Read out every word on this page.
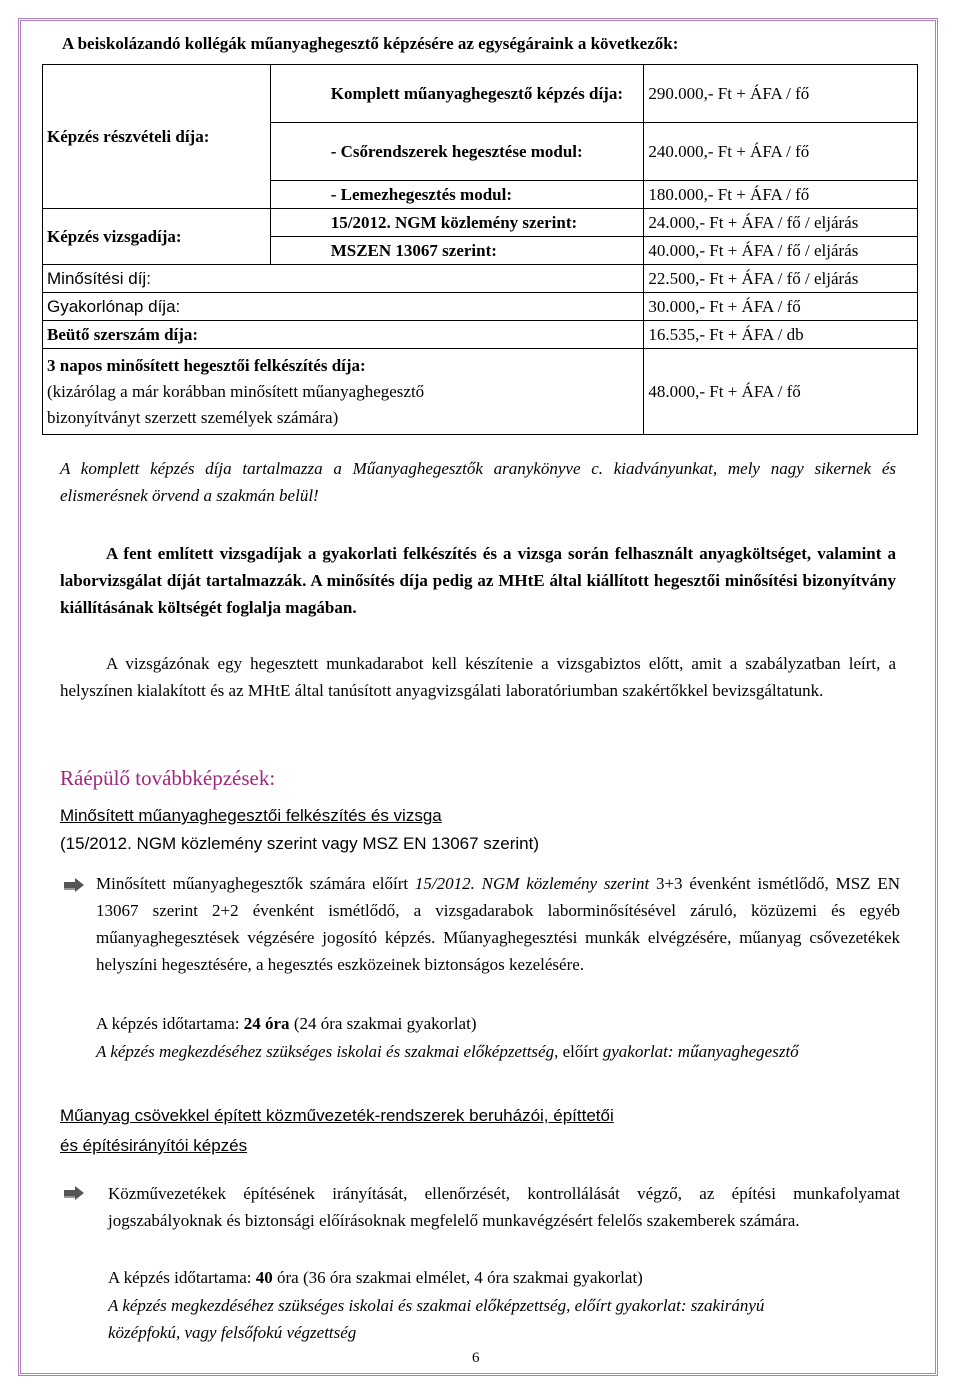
A beiskolázandó kollégák műanyaghegesztő képzésére az egységáraink a következők:
Képzés részvételi díja:	Komplett műanyaghegesztő képzés díja:	290.000,- Ft + ÁFA / fő
	- Csőrendszerek hegesztése modul:	240.000,- Ft + ÁFA / fő
	- Lemezhegesztés modul:	180.000,- Ft + ÁFA / fő
Képzés vizsgadíja:	15/2012. NGM közlemény szerint:	24.000,- Ft + ÁFA / fő / eljárás
	MSZEN 13067 szerint:	40.000,- Ft + ÁFA / fő / eljárás
Minősítési díj:		22.500,- Ft + ÁFA / fő / eljárás
Gyakorlónap díja:		30.000,- Ft + ÁFA / fő
Beütő szerszám díja:		16.535,- Ft + ÁFA / db

3 napos minősített hegesztői felkészítés díja:
(kizárólag a már korábban minősített műanyaghegesztő
bizonyítványt szerzett személyek számára)		48.000,- Ft + ÁFA / fő
A komplett képzés díja tartalmazza a Műanyaghegesztők aranykönyve c. kiadványunkat, mely nagy sikernek és elismerésnek örvend a szakmán belül!
A fent említett vizsgadíjak a gyakorlati felkészítés és a vizsga során felhasznált anyagköltséget, valamint a laborvizsgálat díját tartalmazzák. A minősítés díja pedig az MHtE által kiállított hegesztői minősítési bizonyítvány kiállításának költségét foglalja magában.
A vizsgázónak egy hegesztett munkadarabot kell készítenie a vizsgabiztos előtt, amit a szabályzatban leírt, a helyszínen kialakított és az MHtE által tanúsított anyagvizsgálati laboratóriumban szakértőkkel bevizsgáltatunk.
Ráépülő továbbképzések:
Minősített műanyaghegesztői felkészítés és vizsga
(15/2012. NGM közlemény szerint vagy MSZ EN 13067 szerint)
Minősített műanyaghegesztők számára előírt 15/2012. NGM közlemény szerint 3+3 évenként ismétlődő, MSZ EN 13067 szerint 2+2 évenként ismétlődő, a vizsgadarabok laborminősítésével záruló, közüzemi és egyéb műanyaghegesztések végzésére jogosító képzés. Műanyaghegesztési munkák elvégzésére, műanyag csővezetékek helyszíni hegesztésére, a hegesztés eszközeinek biztonságos kezelésére.
A képzés időtartama: 24 óra (24 óra szakmai gyakorlat)
A képzés megkezdéséhez szükséges iskolai és szakmai előképzettség, előírt gyakorlat: műanyaghegesztő
Műanyag csövekkel épített közművezeték-rendszerek beruházói, építtetői
és építésirányítói képzés
Közművezetékek építésének irányítását, ellenőrzését, kontrollálását végző, az építési munkafolyamat jogszabályoknak és biztonsági előírásoknak megfelelő munkavégzésért felelős szakemberek számára.
A képzés időtartama: 40 óra (36 óra szakmai elmélet, 4 óra szakmai gyakorlat)
A képzés megkezdéséhez szükséges iskolai és szakmai előképzettség, előírt gyakorlat: szakirányú középfokú, vagy felsőfokú végzettség
6
